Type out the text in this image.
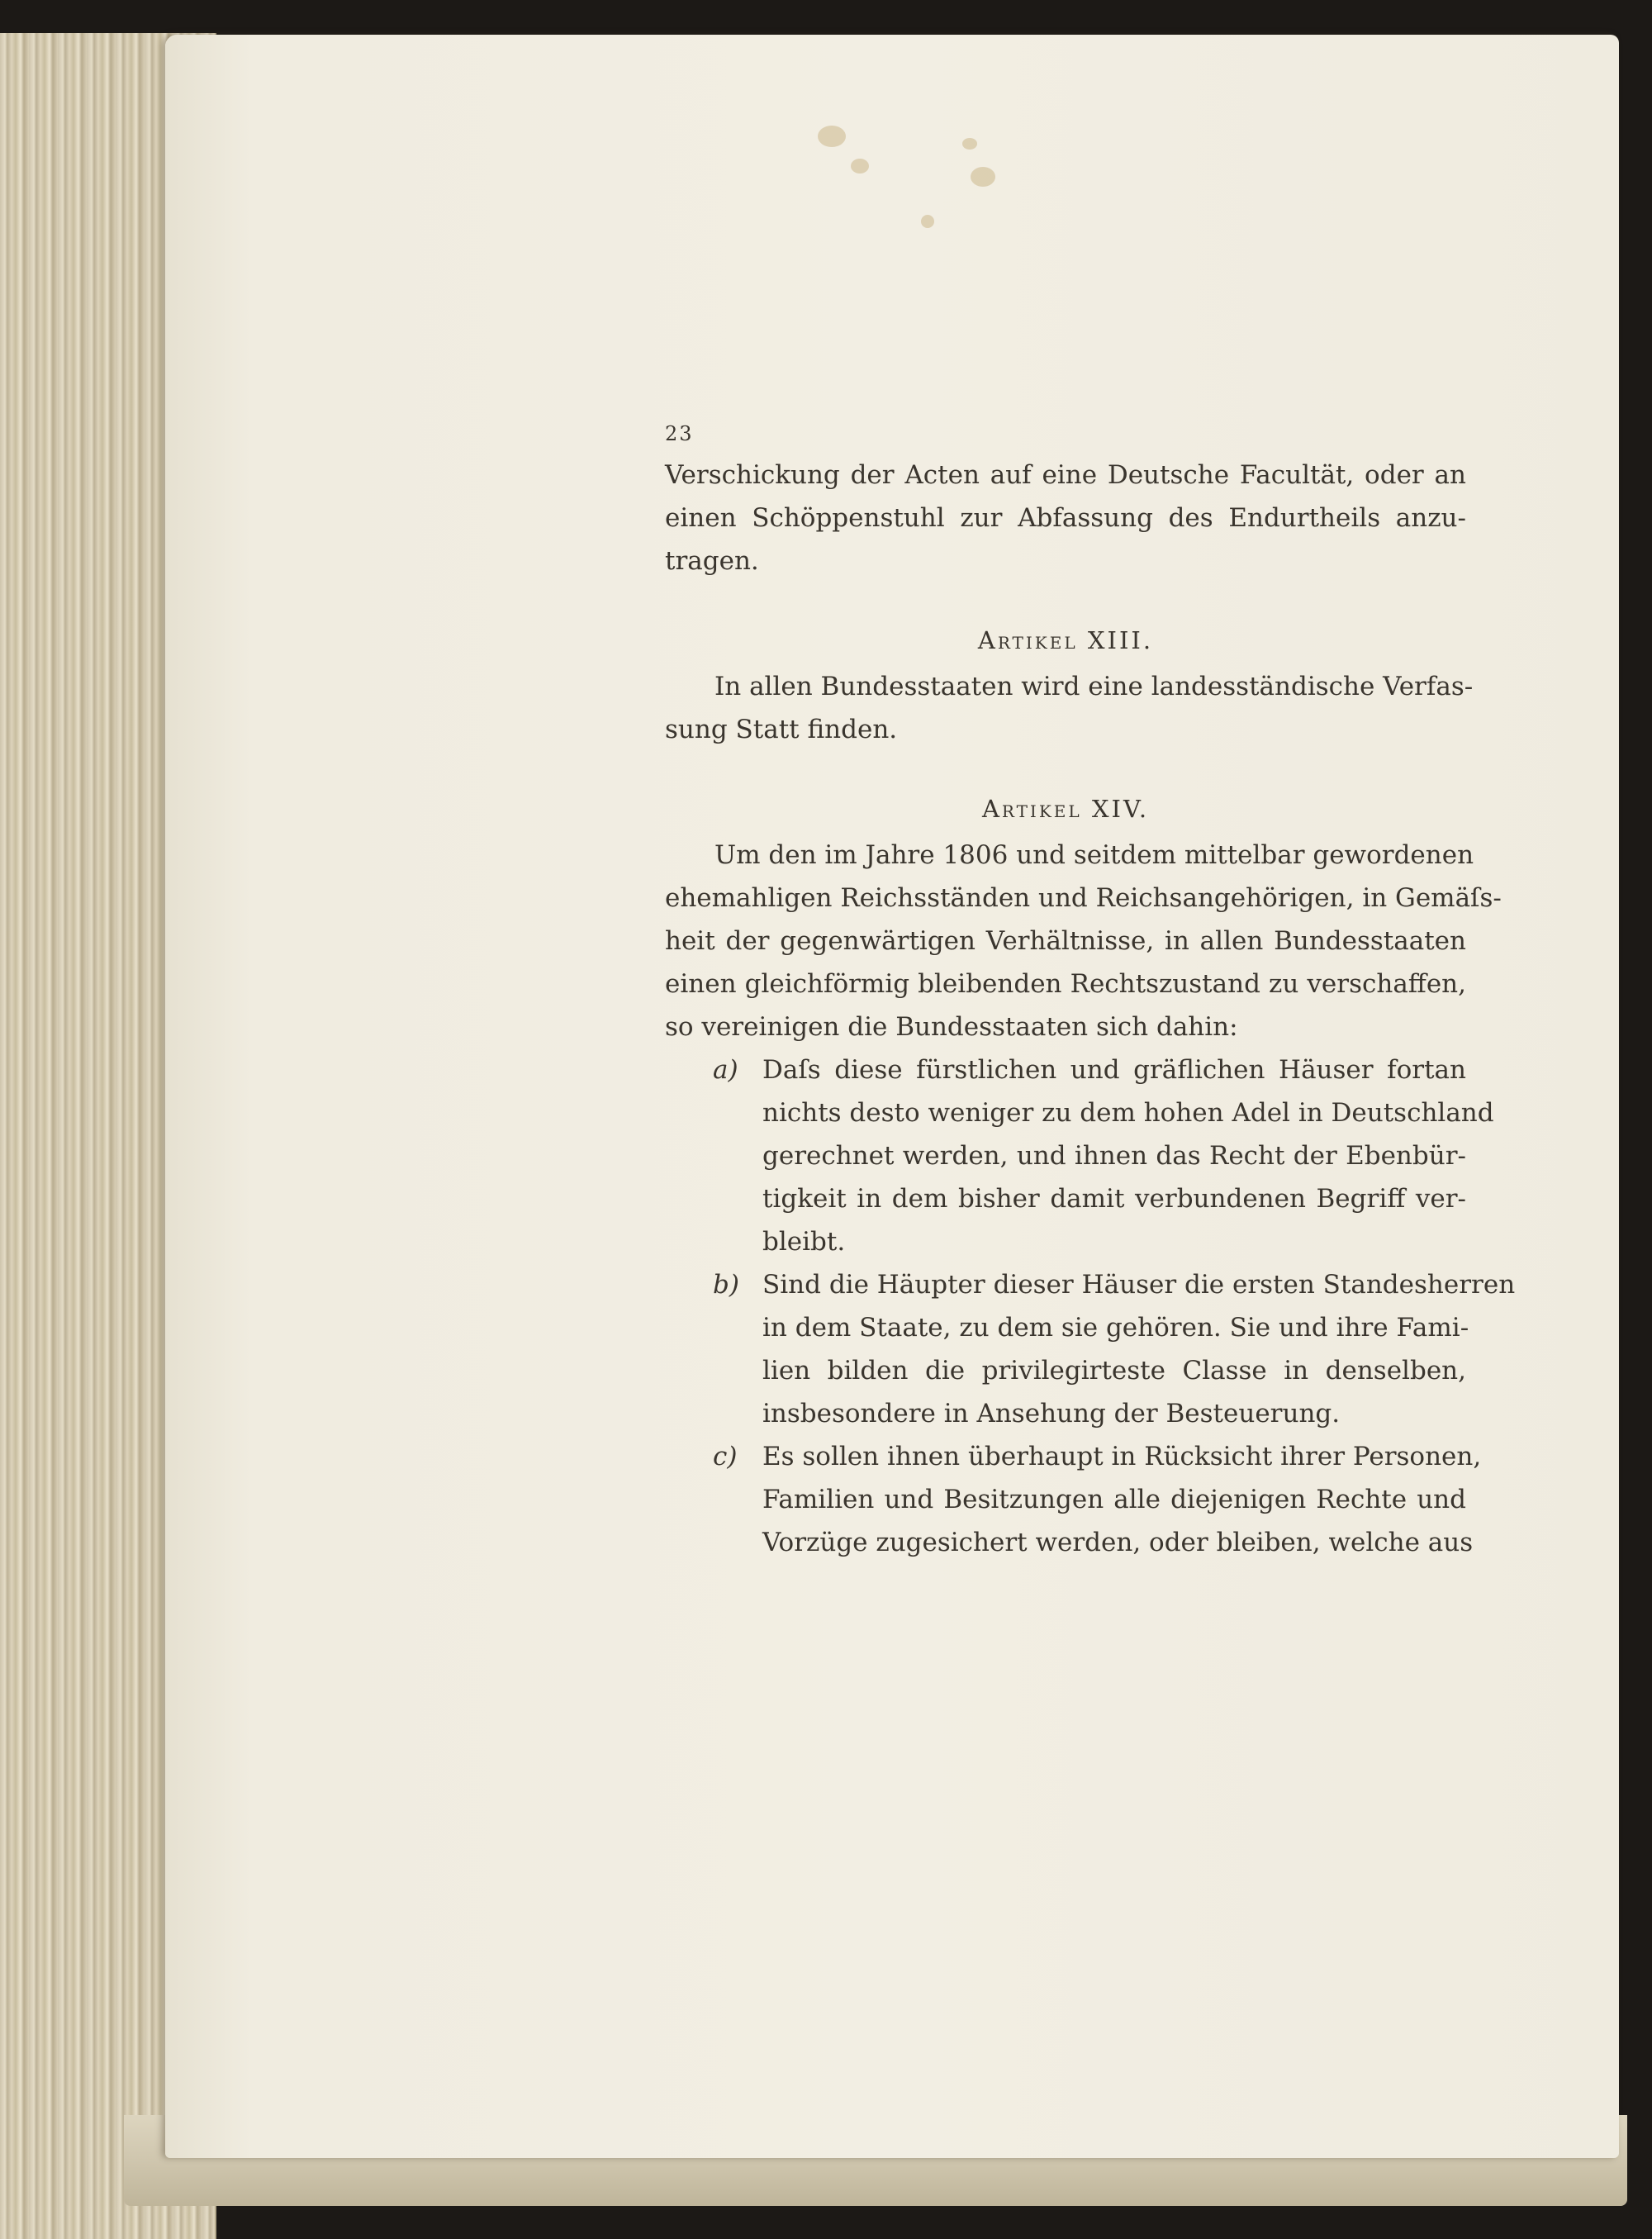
23
Verschickung der Acten auf eine Deutsche Facultät, oder an
einen Schöppenstuhl zur Abfassung des Endurtheils anzu-
tragen.
Artikel XIII.
In allen Bundesstaaten wird eine landesständische Verfas-
sung Statt finden.
Artikel XIV.
Um den im Jahre 1806 und seitdem mittelbar gewordenen
ehemahligen Reichsständen und Reichsangehörigen, in Gemäſs-
heit der gegenwärtigen Verhältnisse, in allen Bundesstaaten
einen gleichförmig bleibenden Rechtszustand zu verschaffen,
so vereinigen die Bundesstaaten sich dahin:
a) Daſs diese fürstlichen und gräflichen Häuser fortan
nichts desto weniger zu dem hohen Adel in Deutschland
gerechnet werden, und ihnen das Recht der Ebenbür-
tigkeit in dem bisher damit verbundenen Begriff ver-
bleibt.
b) Sind die Häupter dieser Häuser die ersten Standesherren
in dem Staate, zu dem sie gehören. Sie und ihre Fami-
lien bilden die privilegirteste Classe in denselben,
insbesondere in Ansehung der Besteuerung.
c) Es sollen ihnen überhaupt in Rücksicht ihrer Personen,
Familien und Besitzungen alle diejenigen Rechte und
Vorzüge zugesichert werden, oder bleiben, welche aus
